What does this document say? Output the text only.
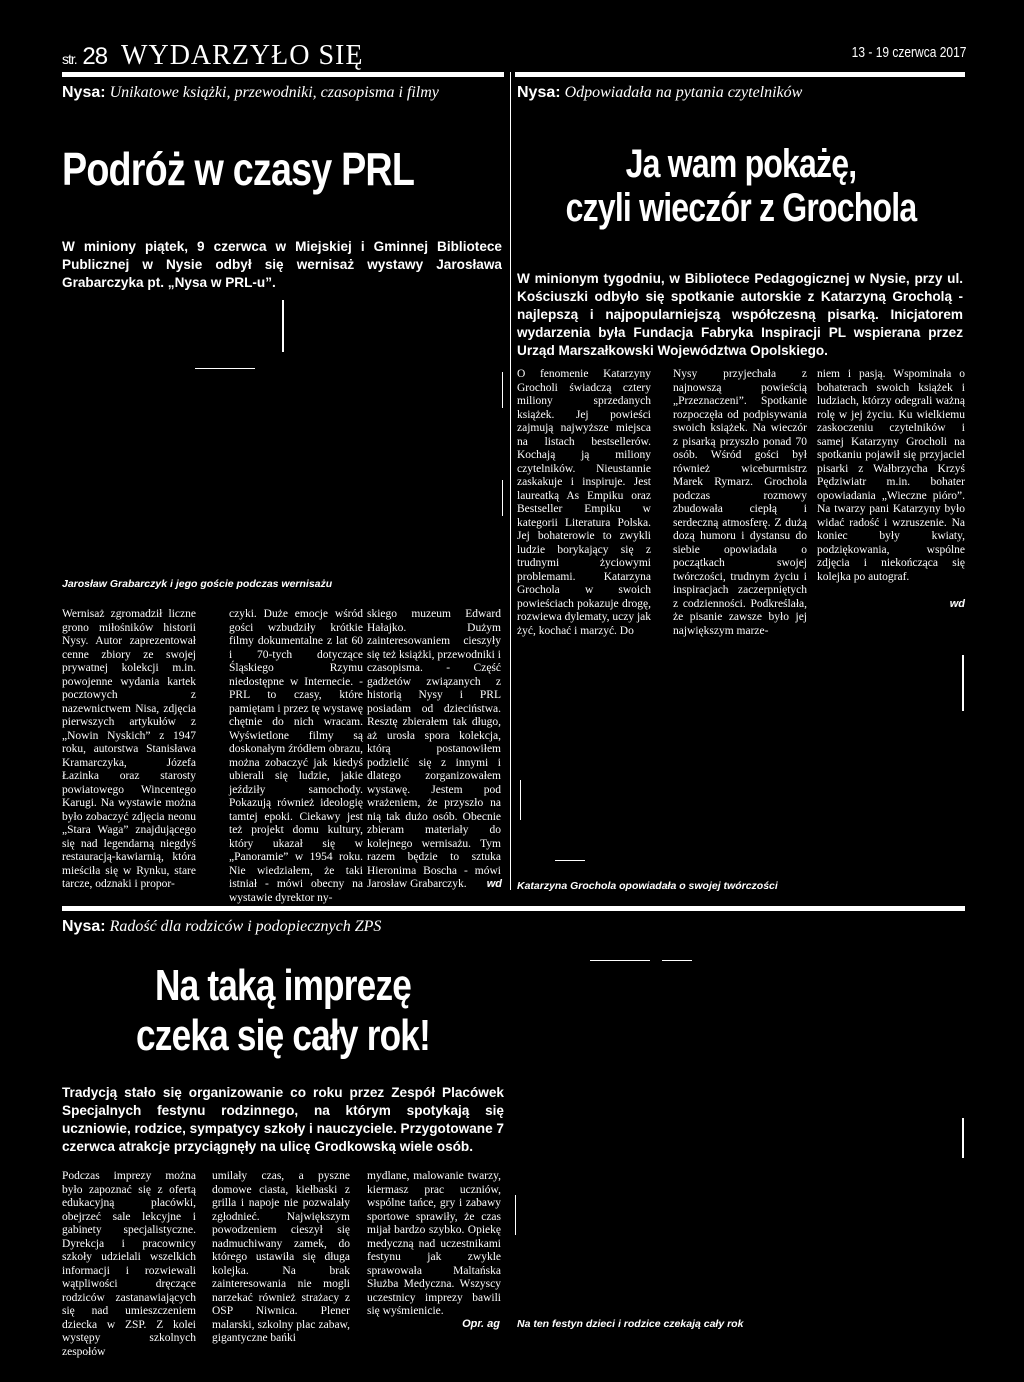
str. 28 WYDARZYŁO SIĘ	13 - 19 czerwca 2017
Nysa: Unikatowe książki, przewodniki, czasopisma i filmy
Podróż w czasy PRL
W miniony piątek, 9 czerwca w Miejskiej i Gminnej Bibliotece Publicznej w Nysie odbył się wernisaż wystawy Jarosława Grabarczyka pt. „Nysa w PRL-u”.
Jarosław Grabarczyk i jego goście podczas wernisażu
Wernisaż zgromadził liczne grono miłośników historii Nysy. Autor zaprezentował cenne zbiory ze swojej prywatnej kolekcji m.in. powojenne wydania kartek pocztowych z nazewnictwem Nisa, zdjęcia pierwszych artykułów z „Nowin Nyskich” z 1947 roku, autorstwa Stanisława Kramarczyka, Józefa Łazinka oraz starosty powiatowego Wincentego Karugi. Na wystawie można było zobaczyć zdjęcia neonu „Stara Waga” znajdującego się nad legendarną niegdyś restauracją-kawiarnią, która mieściła się w Rynku, stare tarcze, odznaki i propor-
czyki. Duże emocje wśród gości wzbudziły krótkie filmy dokumentalne z lat 60 i 70-tych dotyczące Śląskiego Rzymu niedostępne w Internecie. - PRL to czasy, które pamiętam i przez tę wystawę chętnie do nich wracam. Wyświetlone filmy są doskonałym źródłem obrazu, można zobaczyć jak kiedyś ubierali się ludzie, jakie jeździły samochody. Pokazują również ideologię tamtej epoki. Ciekawy jest też projekt domu kultury, który ukazał się w „Panoramie” w 1954 roku. Nie wiedziałem, że taki istniał - mówi obecny na wystawie dyrektor ny-
skiego muzeum Edward Hałajko. Dużym zainteresowaniem cieszyły się też książki, przewodniki i czasopisma. - Część gadżetów związanych z historią Nysy i PRL posiadam od dzieciństwa. Resztę zbierałem tak długo, aż urosła spora kolekcja, którą postanowiłem podzielić się z innymi i dlatego zorganizowałem wystawę. Jestem pod wrażeniem, że przyszło na nią tak dużo osób. Obecnie zbieram materiały do kolejnego wernisażu. Tym razem będzie to sztuka Hieronima Boscha - mówi Jarosław Grabarczyk.	wd
Nysa: Odpowiadała na pytania czytelników
Ja wam pokażę,
czyli wieczór z Grochola
W minionym tygodniu, w Bibliotece Pedagogicznej w Nysie, przy ul. Kościuszki odbyło się spotkanie autorskie z Katarzyną Grocholą - najlepszą i najpopularniejszą współczesną pisarką. Inicjatorem wydarzenia była Fundacja Fabryka Inspiracji PL wspierana przez Urząd Marszałkowski Województwa Opolskiego.
O fenomenie Katarzyny Grocholi świadczą cztery miliony sprzedanych książek. Jej powieści zajmują najwyższe miejsca na listach bestsellerów. Kochają ją miliony czytelników. Nieustannie zaskakuje i inspiruje. Jest laureatką As Empiku oraz Bestseller Empiku w kategorii Literatura Polska. Jej bohaterowie to zwykli ludzie borykający się z trudnymi życiowymi problemami. Katarzyna Grochola w swoich powieściach pokazuje drogę, rozwiewa dylematy, uczy jak żyć, kochać i marzyć. Do
Nysy przyjechała z najnowszą powieścią „Przeznaczeni”. Spotkanie rozpoczęła od podpisywania swoich książek. Na wieczór z pisarką przyszło ponad 70 osób. Wśród gości był również wiceburmistrz Marek Rymarz. Grochola podczas rozmowy zbudowała ciepłą i serdeczną atmosferę. Z dużą dozą humoru i dystansu do siebie opowiadała o początkach swojej twórczości, trudnym życiu i inspiracjach zaczerpniętych z codzienności. Podkreślała, że pisanie zawsze było jej największym marze-
niem i pasją. Wspominała o bohaterach swoich książek i ludziach, którzy odegrali ważną rolę w jej życiu. Ku wielkiemu zaskoczeniu czytelników i samej Katarzyny Grocholi na spotkaniu pojawił się przyjaciel pisarki z Wałbrzycha Krzyś Pędziwiatr m.in. bohater opowiadania „Wieczne pióro”. Na twarzy pani Katarzyny było widać radość i wzruszenie. Na koniec były kwiaty, podziękowania, wspólne zdjęcia i niekończąca się kolejka po autograf.
wd
Katarzyna Grochola opowiadała o swojej twórczości
Nysa: Radość dla rodziców i podopiecznych ZPS
Na taką imprezę
czeka się cały rok!
Tradycją stało się organizowanie co roku przez Zespół Placówek Specjalnych festynu rodzinnego, na którym spotykają się uczniowie, rodzice, sympatycy szkoły i nauczyciele. Przygotowane 7 czerwca atrakcje przyciągnęły na ulicę Grodkowską wiele osób.
Podczas imprezy można było zapoznać się z ofertą edukacyjną placówki, obejrzeć sale lekcyjne i gabinety specjalistyczne. Dyrekcja i pracownicy szkoły udzielali wszelkich informacji i rozwiewali wątpliwości dręczące rodziców zastanawiających się nad umieszczeniem dziecka w ZSP. Z kolei występy szkolnych zespołów
umilały czas, a pyszne domowe ciasta, kiełbaski z grilla i napoje nie pozwalały zgłodnieć. Największym powodzeniem cieszył się nadmuchiwany zamek, do którego ustawiła się długa kolejka. Na brak zainteresowania nie mogli narzekać również strażacy z OSP Niwnica. Plener malarski, szkolny plac zabaw, gigantyczne bańki
mydlane, malowanie twarzy, kiermasz prac uczniów, wspólne tańce, gry i zabawy sportowe sprawiły, że czas mijał bardzo szybko. Opiekę medyczną nad uczestnikami festynu jak zwykle sprawowała Maltańska Służba Medyczna. Wszyscy uczestnicy imprezy bawili się wyśmienicie.
Opr. ag Na ten festyn dzieci i rodzice czekają cały rok
